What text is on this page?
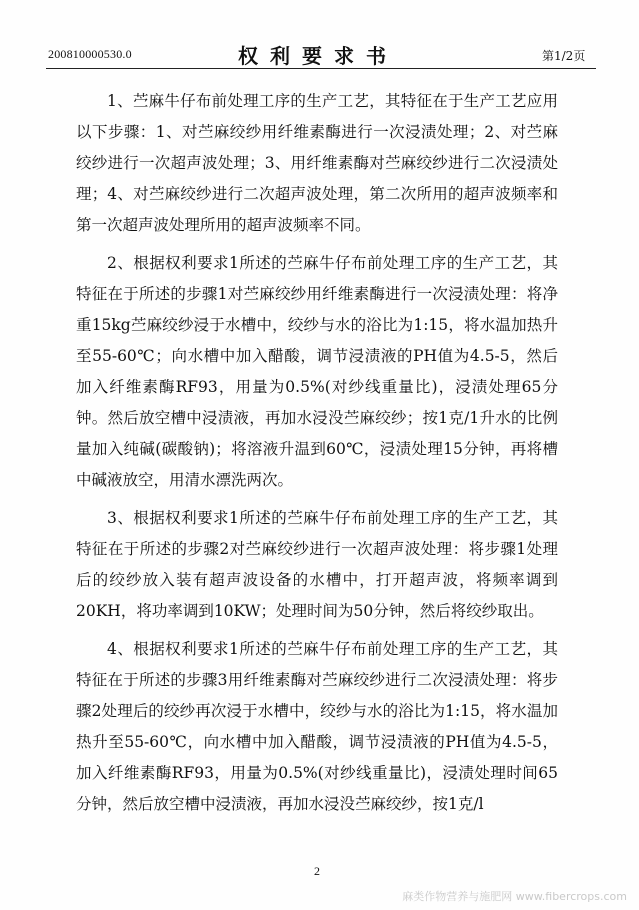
200810000530.0	权利要求书	第1/2页

1、苎麻牛仔布前处理工序的生产工艺，其特征在于生产工艺应用以下步骤：1、对苎麻绞纱用纤维素酶进行一次浸渍处理；2、对苎麻绞纱进行一次超声波处理；3、用纤维素酶对苎麻绞纱进行二次浸渍处理；4、对苎麻绞纱进行二次超声波处理，第二次所用的超声波频率和第一次超声波处理所用的超声波频率不同。

2、根据权利要求1所述的苎麻牛仔布前处理工序的生产工艺，其特征在于所述的步骤1对苎麻绞纱用纤维素酶进行一次浸渍处理：将净重15kg苎麻绞纱浸于水槽中，绞纱与水的浴比为1:15，将水温加热升至55-60℃；向水槽中加入醋酸，调节浸渍液的PH值为4.5-5，然后加入纤维素酶RF93，用量为0.5%(对纱线重量比)，浸渍处理65分钟。然后放空槽中浸渍液，再加水浸没苎麻绞纱；按1克/1升水的比例量加入纯碱(碳酸钠)；将溶液升温到60℃，浸渍处理15分钟，再将槽中碱液放空，用清水漂洗两次。

3、根据权利要求1所述的苎麻牛仔布前处理工序的生产工艺，其特征在于所述的步骤2对苎麻绞纱进行一次超声波处理：将步骤1处理后的绞纱放入装有超声波设备的水槽中，打开超声波，将频率调到20KH，将功率调到10KW；处理时间为50分钟，然后将绞纱取出。

4、根据权利要求1所述的苎麻牛仔布前处理工序的生产工艺，其特征在于所述的步骤3用纤维素酶对苎麻绞纱进行二次浸渍处理：将步骤2处理后的绞纱再次浸于水槽中，绞纱与水的浴比为1:15，将水温加热升至55-60℃，向水槽中加入醋酸，调节浸渍液的PH值为4.5-5，加入纤维素酶RF93，用量为0.5%(对纱线重量比)，浸渍处理时间65分钟，然后放空槽中浸渍液，再加水浸没苎麻绞纱，按1克/l

2
麻类作物营养与施肥网 www.fibercrops.com
